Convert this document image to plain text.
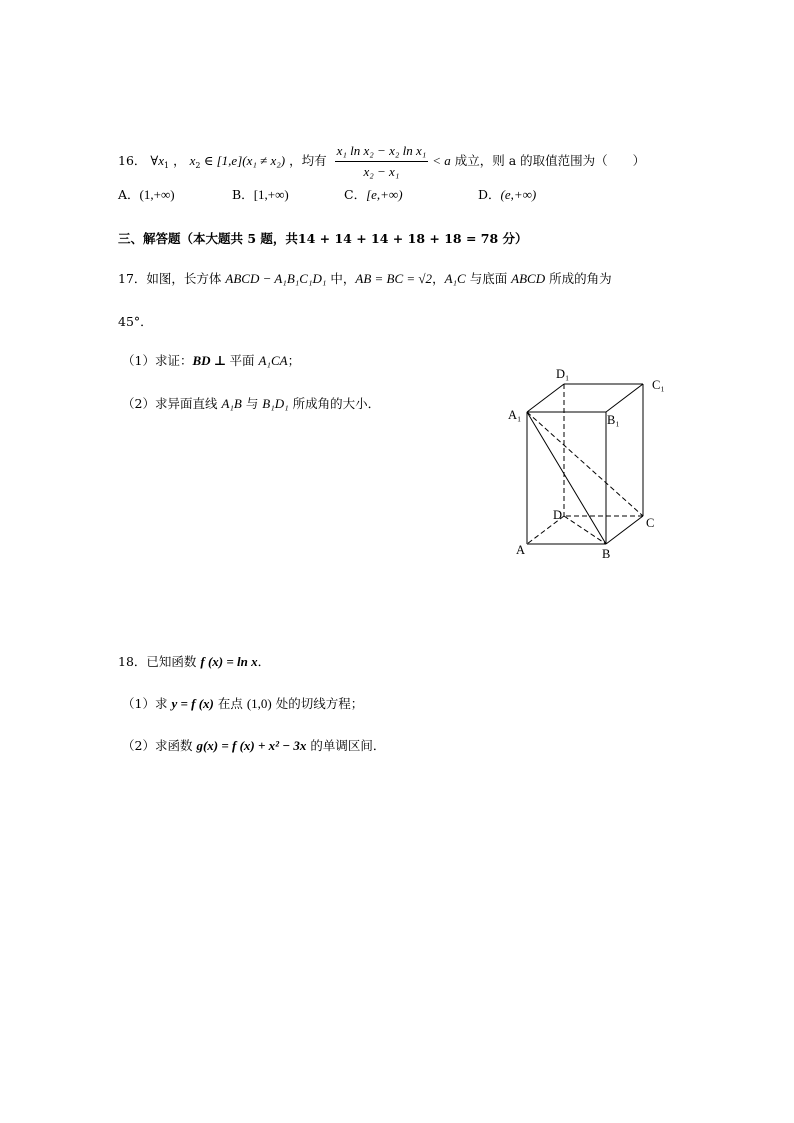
16． $\forall x_1$ ， $x_2$ ∈ [1,e](x₁ ≠ x₂) ，均有 $\frac{\text{x₁ ln x₂ − x₂ ln x₁}}{\text{x₂ − x₁}} < a$ 成立，则 a 的取值范围为（　　）
A．(1,+∞)	B．[1,+∞)	C．[e,+∞)	D．(e,+∞)
三、解答题（本大题共 5 题，共14 + 14 + 14 + 18 + 18 = 78 分）
17．如图，长方体 ABCD − A₁B₁C₁D₁ 中，AB = BC = √2，A₁C 与底面 ABCD 所成的角为
45°．
（1）求证：BD ⊥ 平面 A₁CA；
（2）求异面直线 A₁B 与 B₁D₁ 所成角的大小．
D₁
C₁
A₁	B₁
D
C
A	B
18．已知函数 f (x) = ln x．
（1）求 y = f (x) 在点 (1,0) 处的切线方程；
（2）求函数 g(x) = f (x) + x² − 3x 的单调区间．
